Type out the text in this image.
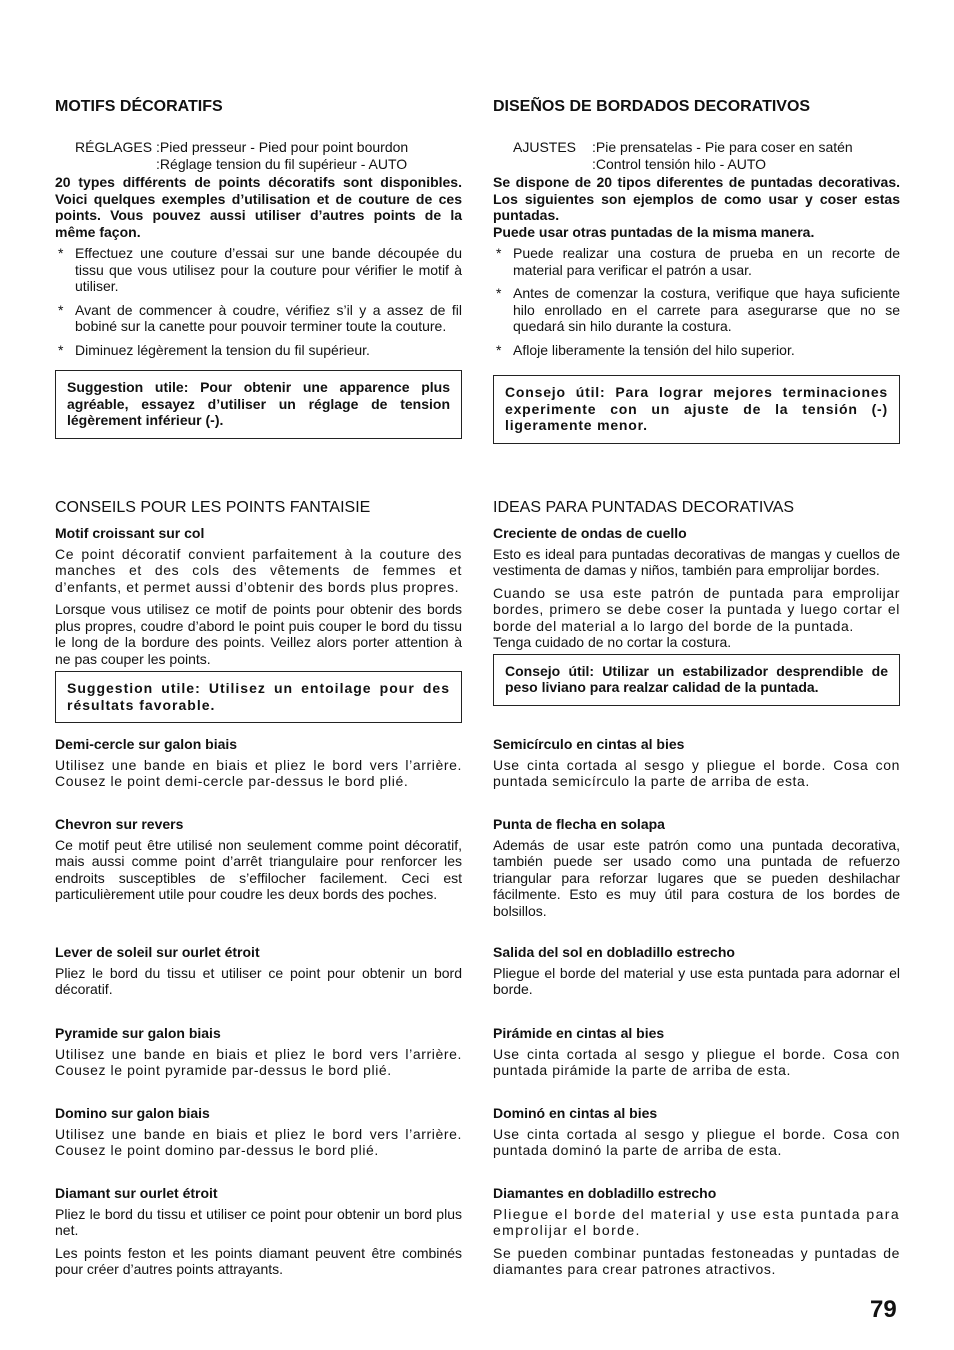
MOTIFS DÉCORATIFS
RÉGLAGES :Pied presseur - Pied pour point bourdon
:Réglage tension du fil supérieur - AUTO

20 types différents de points décoratifs sont disponibles. Voici quelques exemples d’utilisation et de couture de ces points. Vous pouvez aussi utiliser d’autres points de la même façon.

* Effectuez une couture d’essai sur une bande découpée du tissu que vous utilisez pour la couture pour vérifier le motif à utiliser.
* Avant de commencer à coudre, vérifiez s’il y a assez de fil bobiné sur la canette pour pouvoir terminer toute la couture.
* Diminuez légèrement la tension du fil supérieur.
Suggestion utile: Pour obtenir une apparence plus agréable, essayez d’utiliser un réglage de tension légèrement inférieur (-).
CONSEILS POUR LES POINTS FANTAISIE
Motif croissant sur col

Ce point décoratif convient parfaitement à la couture des manches et des cols des vêtements de femmes et d’enfants, et permet aussi d’obtenir des bords plus propres.

Lorsque vous utilisez ce motif de points pour obtenir des bords plus propres, coudre d’abord le point puis couper le bord du tissu le long de la bordure des points. Veillez alors porter attention à ne pas couper les points.

Suggestion utile: Utilisez un entoilage pour des résultats favorable.
Demi-cercle sur galon biais

Utilisez une bande en biais et pliez le bord vers l’arrière. Cousez le point demi-cercle par-dessus le bord plié.

Chevron sur revers

Ce motif peut être utilisé non seulement comme point décoratif, mais aussi comme point d’arrêt triangulaire pour renforcer les endroits susceptibles de s’effilocher facilement. Ceci est particulièrement utile pour coudre les deux bords des poches.

Lever de soleil sur ourlet étroit

Pliez le bord du tissu et utiliser ce point pour obtenir un bord décoratif.

Pyramide sur galon biais

Utilisez une bande en biais et pliez le bord vers l’arrière. Cousez le point pyramide par-dessus le bord plié.

Domino sur galon biais

Utilisez une bande en biais et pliez le bord vers l’arrière. Cousez le point domino par-dessus le bord plié.

Diamant sur ourlet étroit

Pliez le bord du tissu et utiliser ce point pour obtenir un bord plus net.

Les points feston et les points diamant peuvent être combinés pour créer d’autres points attrayants.

DISEÑOS DE BORDADOS DECORATIVOS
AJUSTES :Pie prensatelas - Pie para coser en satén
:Control tensión hilo - AUTO

Se dispone de 20 tipos diferentes de puntadas decorativas. Los siguientes son ejemplos de como usar y coser estas puntadas.

Puede usar otras puntadas de la misma manera.

* Puede realizar una costura de prueba en un recorte de material para verificar el patrón a usar.
* Antes de comenzar la costura, verifique que haya suficiente hilo enrollado en el carrete para asegurarse que no se quedará sin hilo durante la costura.
* Afloje liberamente la tensión del hilo superior.
Consejo útil: Para lograr mejores terminaciones experimente con un ajuste de la tensión (-) ligeramente menor.
IDEAS PARA PUNTADAS DECORATIVAS
Creciente de ondas de cuello

Esto es ideal para puntadas decorativas de mangas y cuellos de vestimenta de damas y niños, también para emprolijar bordes.

Cuando se usa este patrón de puntada para emprolijar bordes, primero se debe coser la puntada y luego cortar el borde del material a lo largo del borde de la puntada.

Tenga cuidado de no cortar la costura.

Consejo útil: Utilizar un estabilizador desprendible de peso liviano para realzar calidad de la puntada.
Semicírculo en cintas al bies

Use cinta cortada al sesgo y pliegue el borde. Cosa con puntada semicírculo la parte de arriba de esta.

Punta de flecha en solapa

Además de usar este patrón como una puntada decorativa, también puede ser usado como una puntada de refuerzo triangular para reforzar lugares que se pueden deshilachar fácilmente. Esto es muy útil para costura de los bordes de bolsillos.

Salida del sol en dobladillo estrecho

Pliegue el borde del material y use esta puntada para adornar el borde.

Pirámide en cintas al bies

Use cinta cortada al sesgo y pliegue el borde. Cosa con puntada pirámide la parte de arriba de esta.

Dominó en cintas al bies

Use cinta cortada al sesgo y pliegue el borde. Cosa con puntada dominó la parte de arriba de esta.

Diamantes en dobladillo estrecho

Pliegue el borde del material y use esta puntada para emprolijar el borde.

Se pueden combinar puntadas festoneadas y puntadas de diamantes para crear patrones atractivos.

79
